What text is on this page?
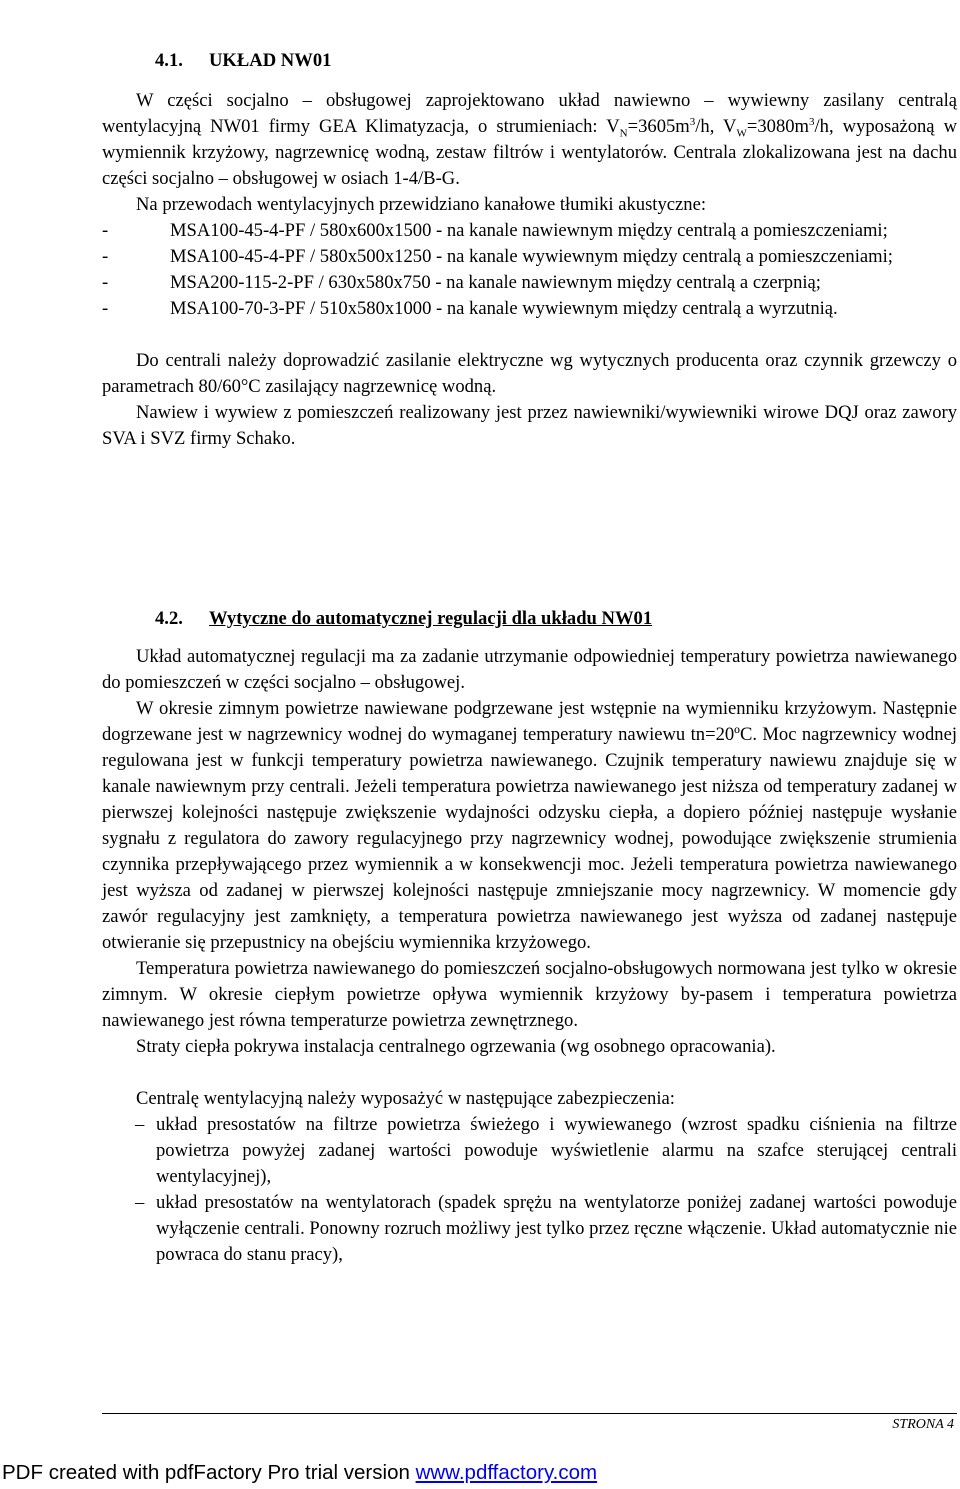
4.1. UKŁAD NW01

W części socjalno – obsługowej zaprojektowano układ nawiewno – wywiewny zasilany centralą wentylacyjną NW01 firmy GEA Klimatyzacja, o strumieniach: $V_N=3605m^3/h$, $V_W=3080m^3/h$, wyposażoną w wymiennik krzyżowy, nagrzewnicę wodną, zestaw filtrów i wentylatorów. Centrala zlokalizowana jest na dachu części socjalno – obsługowej w osiach 1-4/B-G.

Na przewodach wentylacyjnych przewidziano kanałowe tłumiki akustyczne:

-	MSA100-45-4-PF / 580x600x1500 - na kanale nawiewnym między centralą a pomieszczeniami;

-	MSA100-45-4-PF / 580x500x1250 - na kanale wywiewnym między centralą a pomieszczeniami;

-	MSA200-115-2-PF / 630x580x750 - na kanale nawiewnym między centralą a czerpnią;

-	MSA100-70-3-PF / 510x580x1000 - na kanale wywiewnym między centralą a wyrzutnią.

Do centrali należy doprowadzić zasilanie elektryczne wg wytycznych producenta oraz czynnik grzewczy o parametrach 80/60°C zasilający nagrzewnicę wodną.

Nawiew i wywiew z pomieszczeń realizowany jest przez nawiewniki/wywiewniki wirowe DQJ oraz zawory SVA i SVZ firmy Schako.

4.2. Wytyczne do automatycznej regulacji dla układu NW01

Układ automatycznej regulacji ma za zadanie utrzymanie odpowiedniej temperatury powietrza nawiewanego do pomieszczeń w części socjalno – obsługowej.

W okresie zimnym powietrze nawiewane podgrzewane jest wstępnie na wymienniku krzyżowym. Następnie dogrzewane jest w nagrzewnicy wodnej do wymaganej temperatury nawiewu tn=20ºC. Moc nagrzewnicy wodnej regulowana jest w funkcji temperatury powietrza nawiewanego. Czujnik temperatury nawiewu znajduje się w kanale nawiewnym przy centrali. Jeżeli temperatura powietrza nawiewanego jest niższa od temperatury zadanej w pierwszej kolejności następuje zwiększenie wydajności odzysku ciepła, a dopiero później następuje wysłanie sygnału z regulatora do zawory regulacyjnego przy nagrzewnicy wodnej, powodujące zwiększenie strumienia czynnika przepływającego przez wymiennik a w konsekwencji moc. Jeżeli temperatura powietrza nawiewanego jest wyższa od zadanej w pierwszej kolejności następuje zmniejszanie mocy nagrzewnicy. W momencie gdy zawór regulacyjny jest zamknięty, a temperatura powietrza nawiewanego jest wyższa od zadanej następuje otwieranie się przepustnicy na obejściu wymiennika krzyżowego.

Temperatura powietrza nawiewanego do pomieszczeń socjalno-obsługowych normowana jest tylko w okresie zimnym. W okresie ciepłym powietrze opływa wymiennik krzyżowy by-pasem i temperatura powietrza nawiewanego jest równa temperaturze powietrza zewnętrznego.

Straty ciepła pokrywa instalacja centralnego ogrzewania (wg osobnego opracowania).

Centralę wentylacyjną należy wyposażyć w następujące zabezpieczenia:

– układ presostatów na filtrze powietrza świeżego i wywiewanego (wzrost spadku ciśnienia na filtrze powietrza powyżej zadanej wartości powoduje wyświetlenie alarmu na szafce sterującej centrali wentylacyjnej),

– układ presostatów na wentylatorach (spadek sprężu na wentylatorze poniżej zadanej wartości powoduje wyłączenie centrali. Ponowny rozruch możliwy jest tylko przez ręczne włączenie. Układ automatycznie nie powraca do stanu pracy),

STRONA 4
PDF created with pdfFactory Pro trial version www.pdffactory.com
